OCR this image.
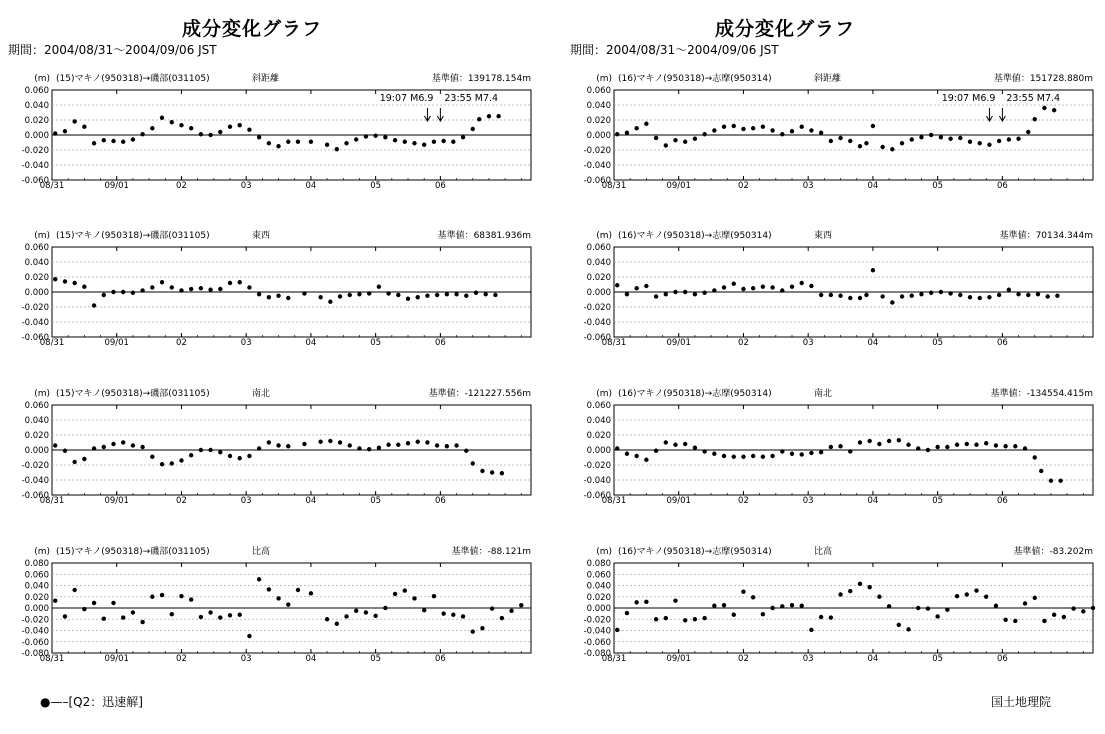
成分変化グラフ
期間：2004/08/31～2004/09/06 JST
成分変化グラフ
期間：2004/08/31～2004/09/06 JST
(m) (15)マキノ(950318)→磯部(031105)	斜距離	基準値：139178.154m
0.060
0.040
0.020
0.000
-0.020
-0.040
-0.060
08/31	09/01	02	03	04	05	06
19:07 M6.9 23:55 M7.4
(m) (16)マキノ(950318)→志摩(950314)	斜距離	基準値：151728.880m
0.060
0.040
0.020
0.000
-0.020
-0.040
-0.060
08/31	09/01	02	03	04	05	06
19:07 M6.9 23:55 M7.4
(m) (15)マキノ(950318)→磯部(031105)	東西	基準値：68381.936m
0.060
0.040
0.020
0.000
-0.020
-0.040
-0.060
08/31	09/01	02	03	04	05	06
(m) (16)マキノ(950318)→志摩(950314)	東西	基準値：70134.344m
0.060
0.040
0.020
0.000
-0.020
-0.040
-0.060
08/31	09/01	02	03	04	05	06
(m) (15)マキノ(950318)→磯部(031105)	南北	基準値：-121227.556m
0.060
0.040
0.020
0.000
-0.020
-0.040
-0.060
08/31	09/01	02	03	04	05	06
(m) (16)マキノ(950318)→志摩(950314)	南北	基準値：-134554.415m
0.060
0.040
0.020
0.000
-0.020
-0.040
-0.060
08/31	09/01	02	03	04	05	06
(m) (15)マキノ(950318)→磯部(031105)	比高	基準値：-88.121m
0.080
0.060
0.040
0.020
0.000
-0.020
-0.040
-0.060
-0.080
08/31	09/01	02	03	04	05	06
(m) (16)マキノ(950318)→志摩(950314)	比高	基準値：-83.202m
0.080
0.060
0.040
0.020
0.000
-0.020
-0.040
-0.060
-0.080
08/31	09/01	02	03	04	05	06
●—–[Q2：迅速解]	国土地理院
